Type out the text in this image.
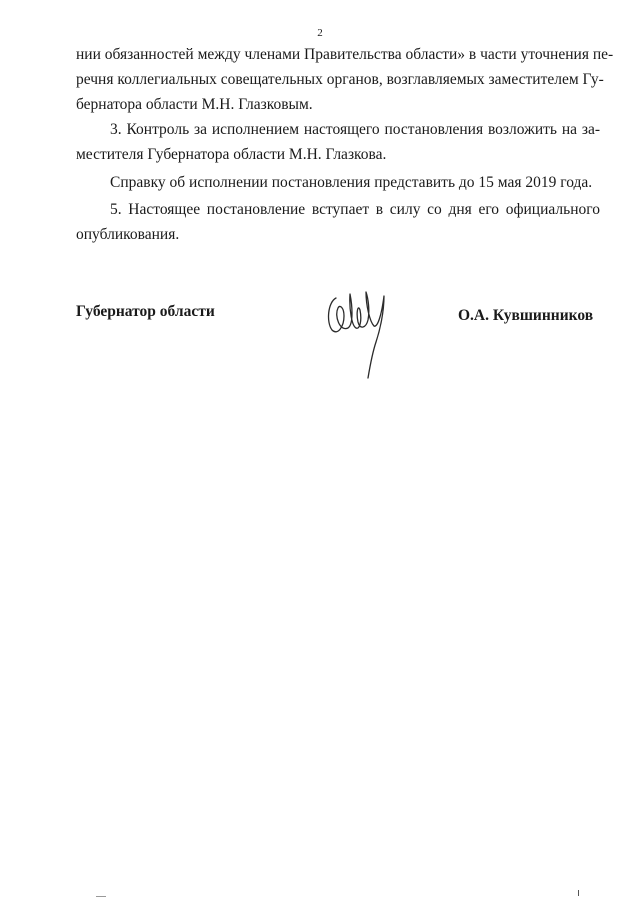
2
нии обязанностей между членами Правительства области» в части уточнения пе-
речня коллегиальных совещательных органов, возглавляемых заместителем Гу-
бернатора области М.Н. Глазковым.
3. Контроль за исполнением настоящего постановления возложить на за-
местителя Губернатора области М.Н. Глазкова.
Справку об исполнении постановления представить до 15 мая 2019 года.
5. Настоящее постановление вступает в силу со дня его официального
опубликования.
Губернатор области	О.А. Кувшинников
